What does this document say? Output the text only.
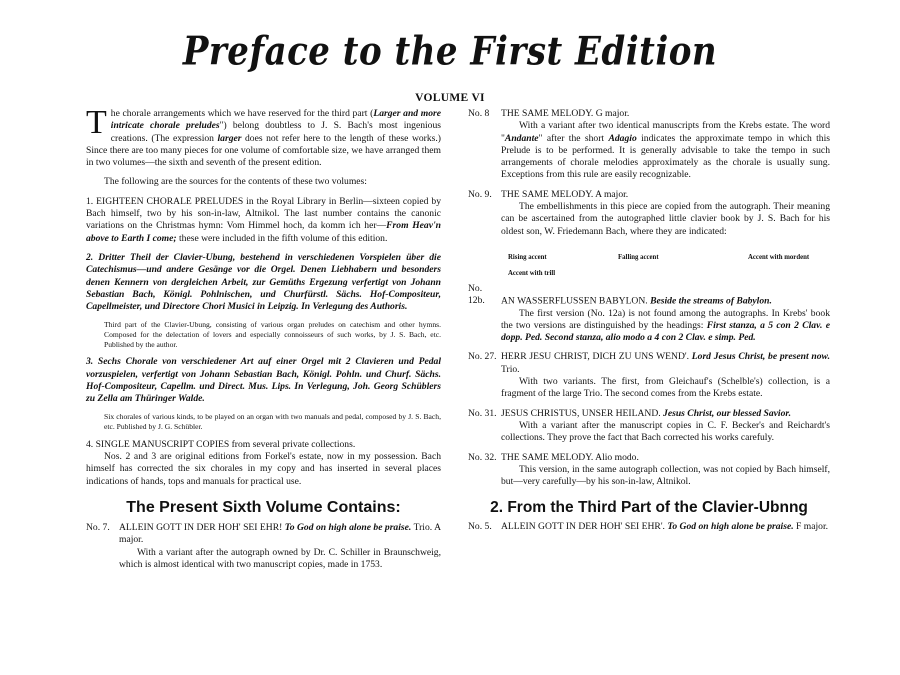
Preface to the First Edition
VOLUME VI

The chorale arrangements which we have reserved for the third part (Larger and more intricate chorale preludes") belong doubtless to J. S. Bach's most ingenious creations. (The expression larger does not refer here to the length of these works.) Since there are too many pieces for one volume of comfortable size, we have arranged them in two volumes—the sixth and seventh of the present edition.

The following are the sources for the contents of these two volumes:

1. EIGHTEEN CHORALE PRELUDES in the Royal Library in Berlin—sixteen copied by Bach himself, two by his son-in-law, Altnikol. The last number contains the canonic variations on the Christmas hymn: Vom Himmel hoch, da komm ich her—From Heav'n above to Earth I come; these were included in the fifth volume of this edition.

2. Dritter Theil der Clavier-Ubung, bestehend in verschiedenen Vorspielen über die Catechismus—und andere Gesänge vor die Orgel. Denen Liebhabern und besonders denen Kennern von dergleichen Arbeit, zur Gemüths Ergezung verfertigt von Johann Sebastian Bach, Königl. Pohlnischen, und Churfürstl. Sächs. Hof-Compositeur, Capellmeister, und Directore Chori Musici in Leipzig. In Verlegung des Authoris.

Third part of the Clavier-Ubung, consisting of various organ preludes on catechism and other hymns. Composed for the delectation of lovers and especially connoisseurs of such works, by J. S. Bach, etc. Published by the author.

3. Sechs Chorale von verschiedener Art auf einer Orgel mit 2 Clavieren und Pedal vorzuspielen, verfertigt von Johann Sebastian Bach, Königl. Pohln. und Churf. Sächs. Hof-Compositeur, Capellm. und Direct. Mus. Lips. In Verlegung, Joh. Georg Schüblers zu Zella am Thüringer Walde.

Six chorales of various kinds, to be played on an organ with two manuals and pedal, composed by J. S. Bach, etc. Published by J. G. Schübler.

4. SINGLE MANUSCRIPT COPIES from several private collections.

Nos. 2 and 3 are original editions from Forkel's estate, now in my possession. Bach himself has corrected the six chorales in my copy and has inserted in several places indications of hands, tops and manuals for practical use.

The Present Sixth Volume Contains:

No. 7. ALLEIN GOTT IN DER HOH' SEI EHR! To God on high alone be praise. Trio. A major.

With a variant after the autograph owned by Dr. C. Schiller in Braunschweig, which is almost identical with two manuscript copies, made in 1753.

No. 8 THE SAME MELODY. G major.

With a variant after two identical manuscripts from the Krebs estate. The word "Andante" after the short Adagio indicates the approximate tempo in which this Prelude is to be performed. It is generally advisable to take the tempo in such arrangements of chorale melodies approximately as the chorale is usually sung. Exceptions from this rule are easily recognizable.

No. 9. THE SAME MELODY. A major.

The embellishments in this piece are copied from the autograph. Their meaning can be ascertained from the autographed little clavier book by J. S. Bach for his oldest son, W. Friedemann Bach, where they are indicated:

Rising accent	Falling accent	Accent with mordent
Accent with trill

No. 12b. AN WASSERFLUSSEN BABYLON. Beside the streams of Babylon.

The first version (No. 12a) is not found among the autographs. In Krebs' book the two versions are distinguished by the headings: First stanza, a 5 con 2 Clav. e dopp. Ped. Second stanza, alio modo a 4 con 2 Clav. e simp. Ped.

No. 27. HERR JESU CHRIST, DICH ZU UNS WEND'. Lord Jesus Christ, be present now. Trio.

With two variants. The first, from Gleichauf's (Schelble's) collection, is a fragment of the large Trio. The second comes from the Krebs estate.

No. 31. JESUS CHRISTUS, UNSER HEILAND. Jesus Christ, our blessed Savior.

With a variant after the manuscript copies in C. F. Becker's and Reichardt's collections. They prove the fact that Bach corrected his works carefuly.

No. 32. THE SAME MELODY. Alio modo.

This version, in the same autograph collection, was not copied by Bach himself, but—very carefully—by his son-in-law, Altnikol.

2. From the Third Part of the Clavier-Ubnng

No. 5. ALLEIN GOTT IN DER HOH' SEI EHR'. To God on high alone be praise. F major.
